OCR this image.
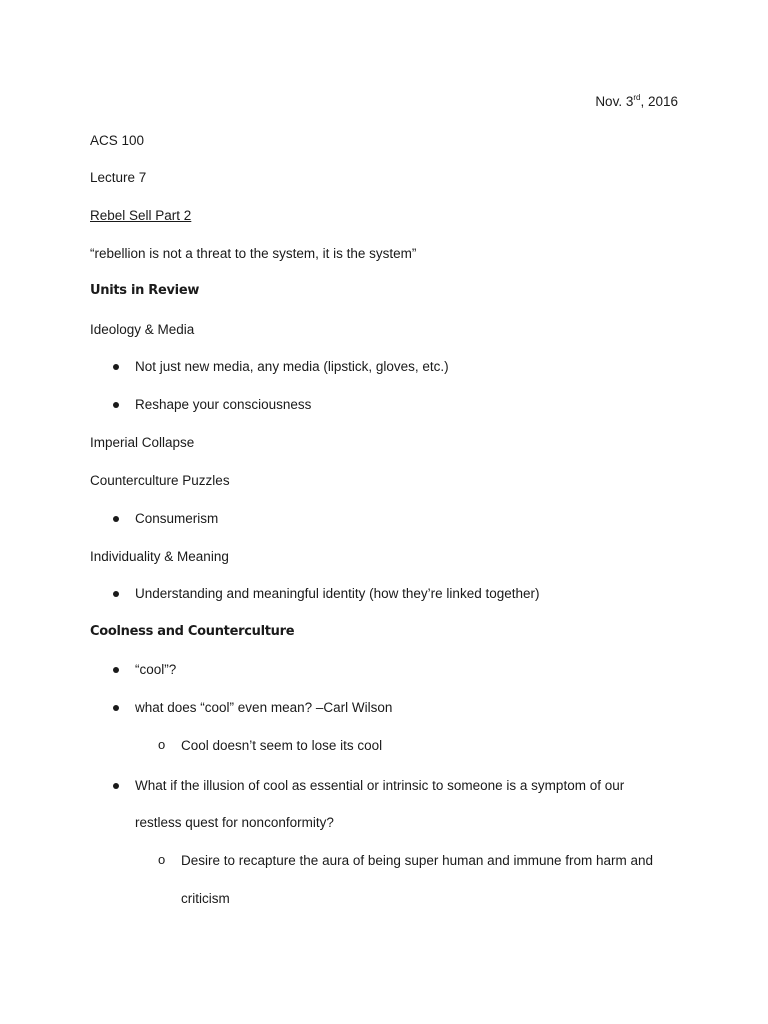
Nov. 3rd, 2016
ACS 100
Lecture 7
Rebel Sell Part 2
“rebellion is not a threat to the system, it is the system”
Units in Review
Ideology & Media
Not just new media, any media (lipstick, gloves, etc.)
Reshape your consciousness
Imperial Collapse
Counterculture Puzzles
Consumerism
Individuality & Meaning
Understanding and meaningful identity (how they’re linked together)
Coolness and Counterculture
“cool”?
what does “cool” even mean? –Carl Wilson
o Cool doesn’t seem to lose its cool
What if the illusion of cool as essential or intrinsic to someone is a symptom of our
restless quest for nonconformity?
o Desire to recapture the aura of being super human and immune from harm and
criticism
